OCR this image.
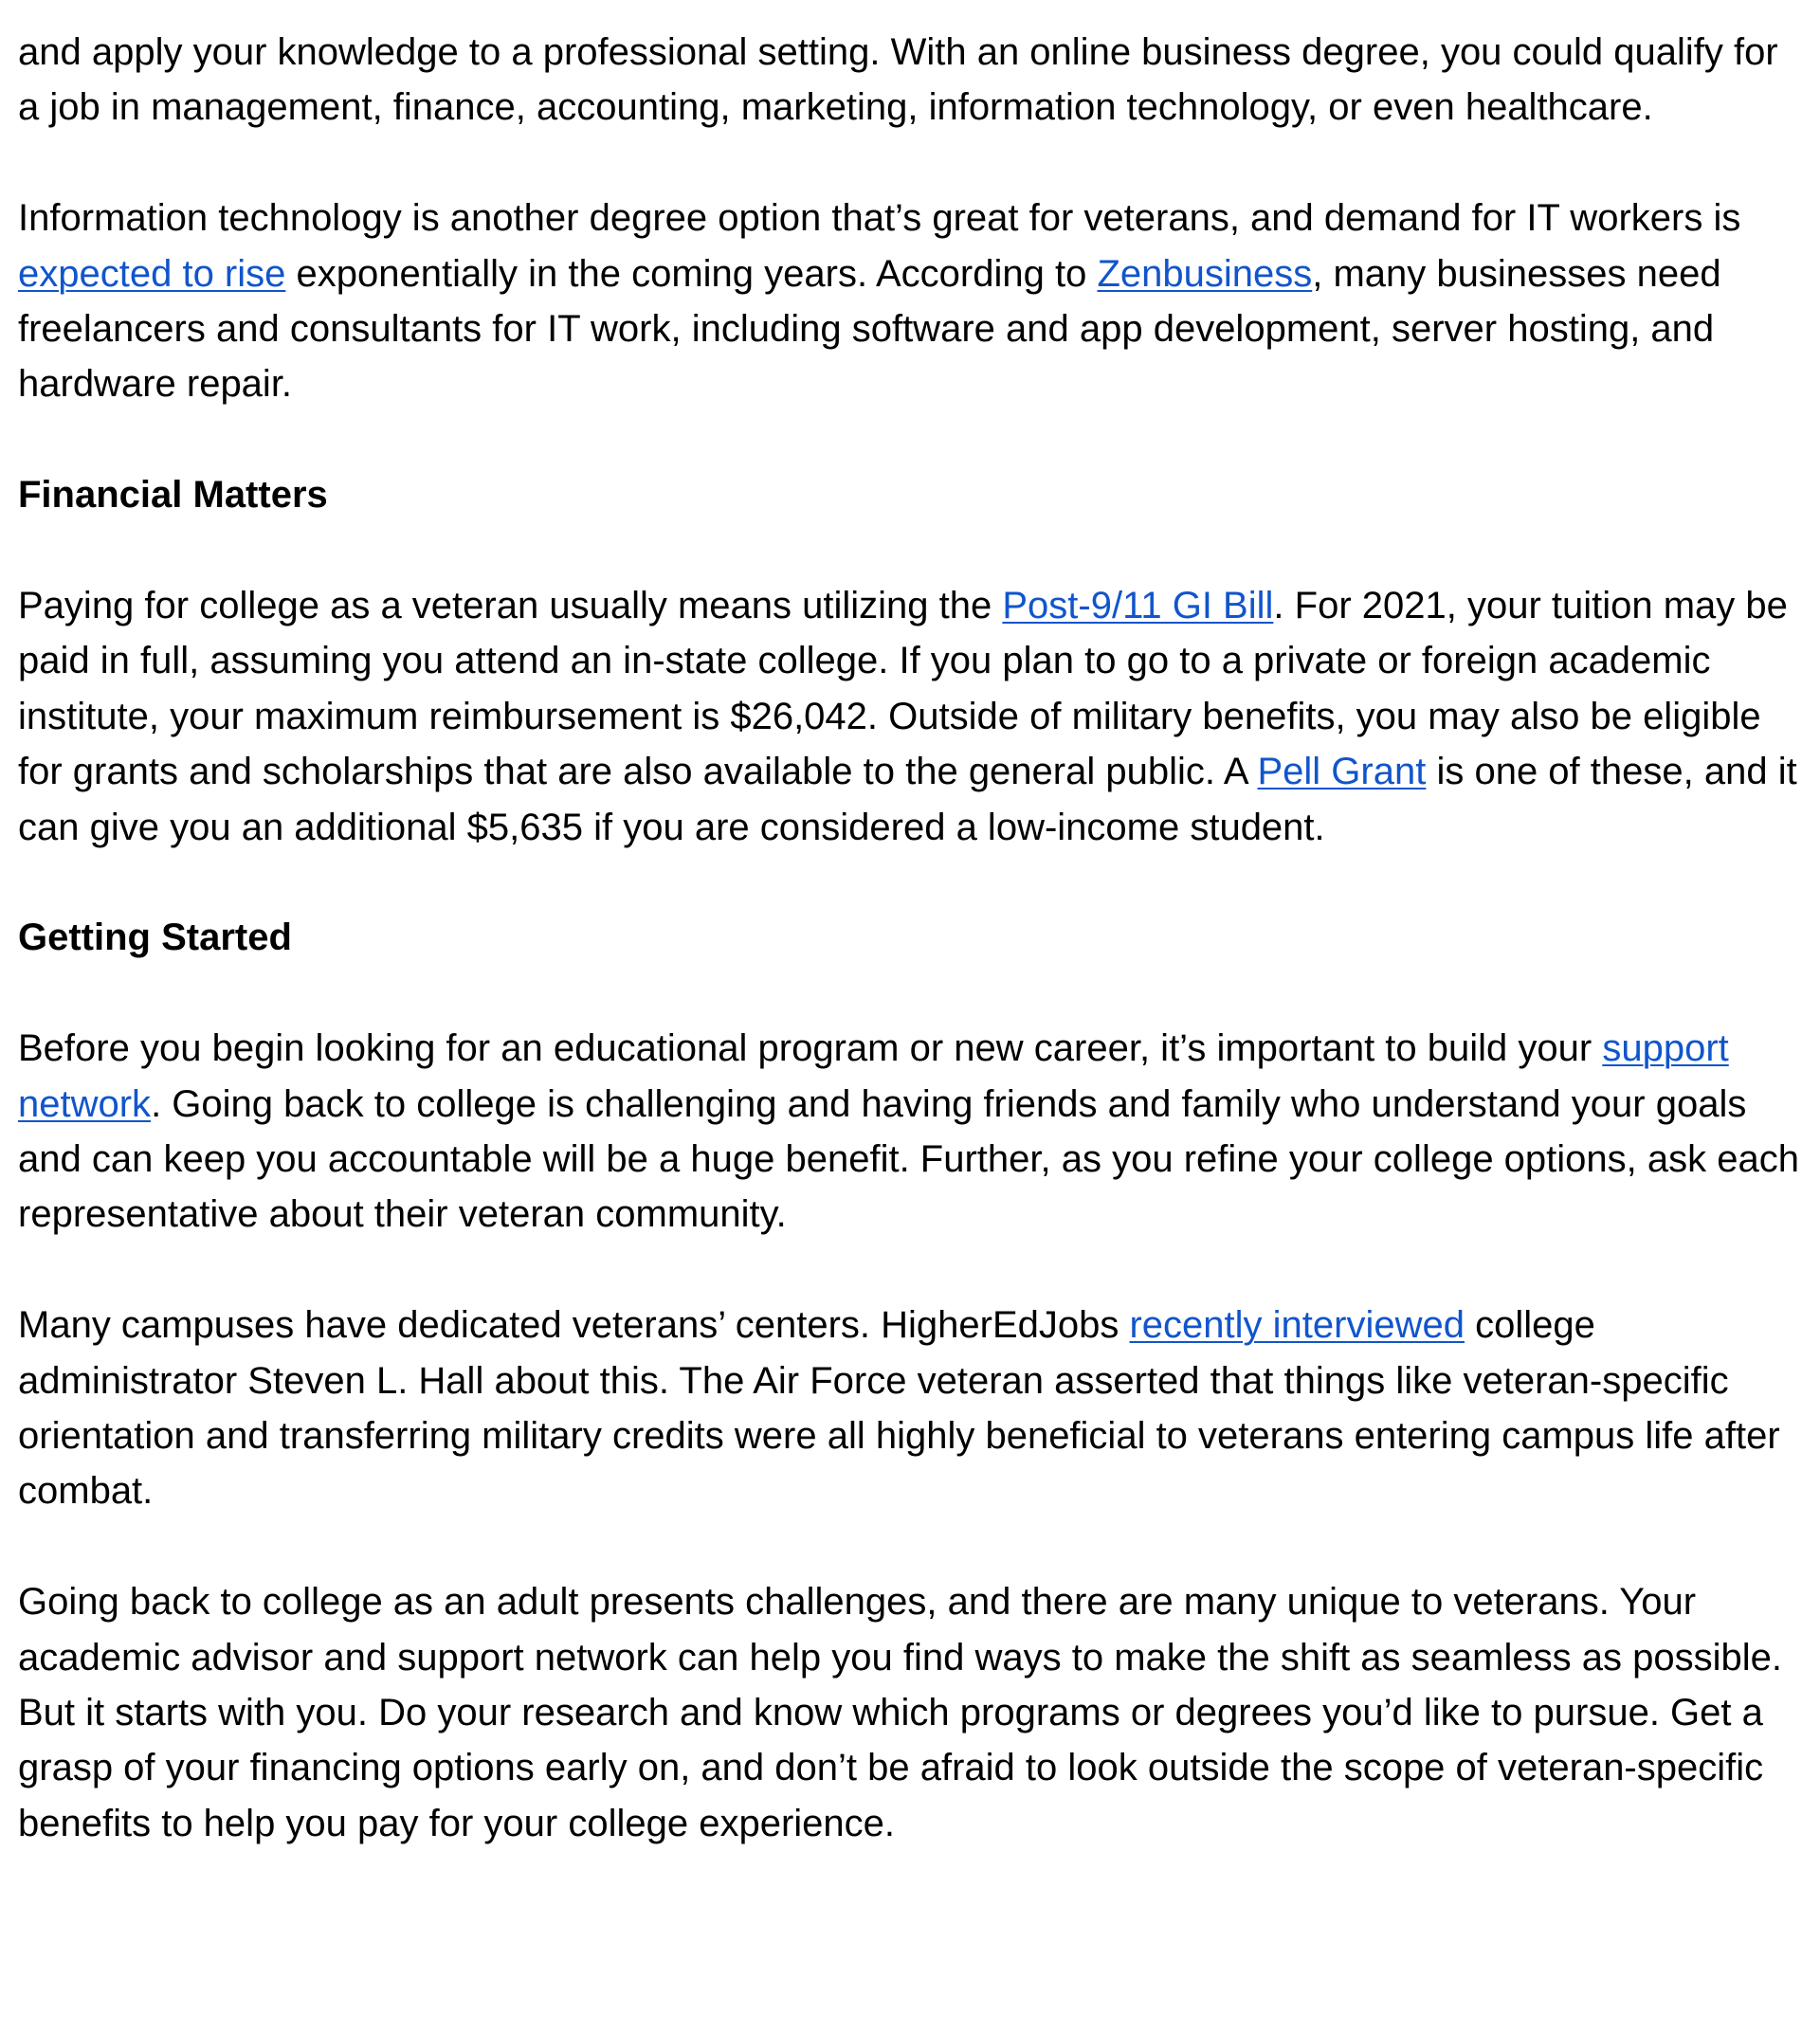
and apply your knowledge to a professional setting. With an online business degree, you could qualify for a job in management, finance, accounting, marketing, information technology, or even healthcare.

Information technology is another degree option that’s great for veterans, and demand for IT workers is expected to rise exponentially in the coming years. According to Zenbusiness, many businesses need freelancers and consultants for IT work, including software and app development, server hosting, and hardware repair.

Financial Matters

Paying for college as a veteran usually means utilizing the Post-9/11 GI Bill. For 2021, your tuition may be paid in full, assuming you attend an in-state college. If you plan to go to a private or foreign academic institute, your maximum reimbursement is $26,042. Outside of military benefits, you may also be eligible for grants and scholarships that are also available to the general public. A Pell Grant is one of these, and it can give you an additional $5,635 if you are considered a low-income student.

Getting Started

Before you begin looking for an educational program or new career, it’s important to build your support network. Going back to college is challenging and having friends and family who understand your goals and can keep you accountable will be a huge benefit. Further, as you refine your college options, ask each representative about their veteran community.

Many campuses have dedicated veterans’ centers. HigherEdJobs recently interviewed college administrator Steven L. Hall about this. The Air Force veteran asserted that things like veteran-specific orientation and transferring military credits were all highly beneficial to veterans entering campus life after combat.

Going back to college as an adult presents challenges, and there are many unique to veterans. Your academic advisor and support network can help you find ways to make the shift as seamless as possible. But it starts with you. Do your research and know which programs or degrees you’d like to pursue. Get a grasp of your financing options early on, and don’t be afraid to look outside the scope of veteran-specific benefits to help you pay for your college experience.
